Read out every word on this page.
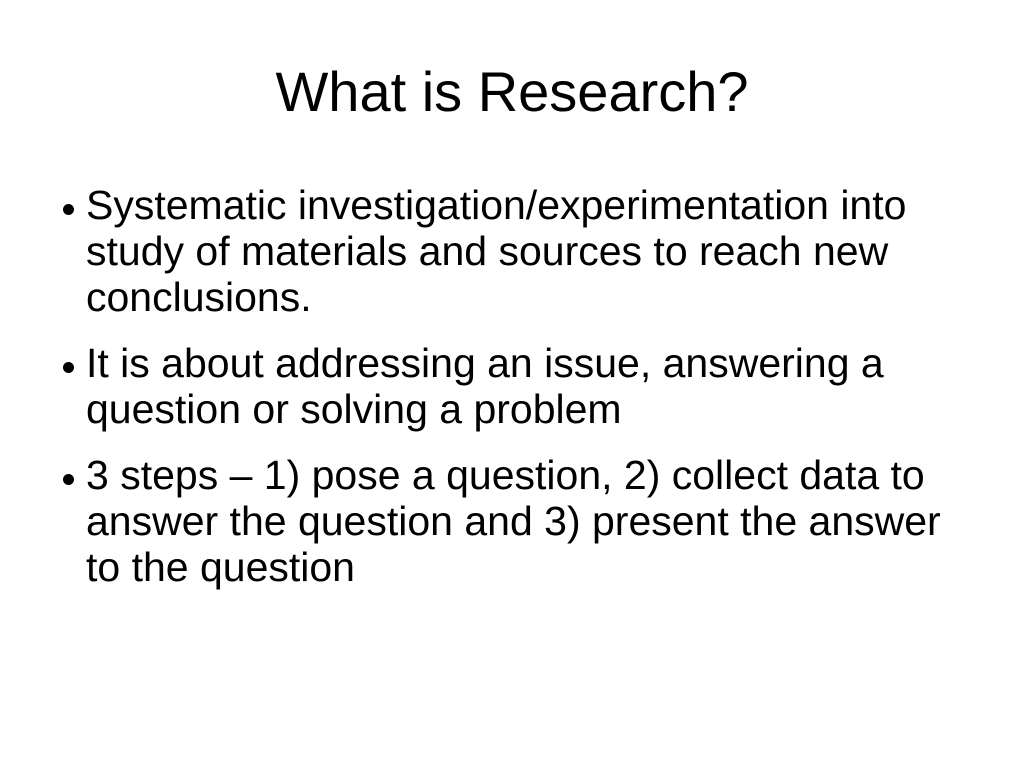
What is Research?
Systematic investigation/experimentation into study of materials and sources to reach new conclusions.
It is about addressing an issue, answering a question or solving a problem
3 steps – 1) pose a question, 2) collect data to answer the question and 3) present the answer to the question
